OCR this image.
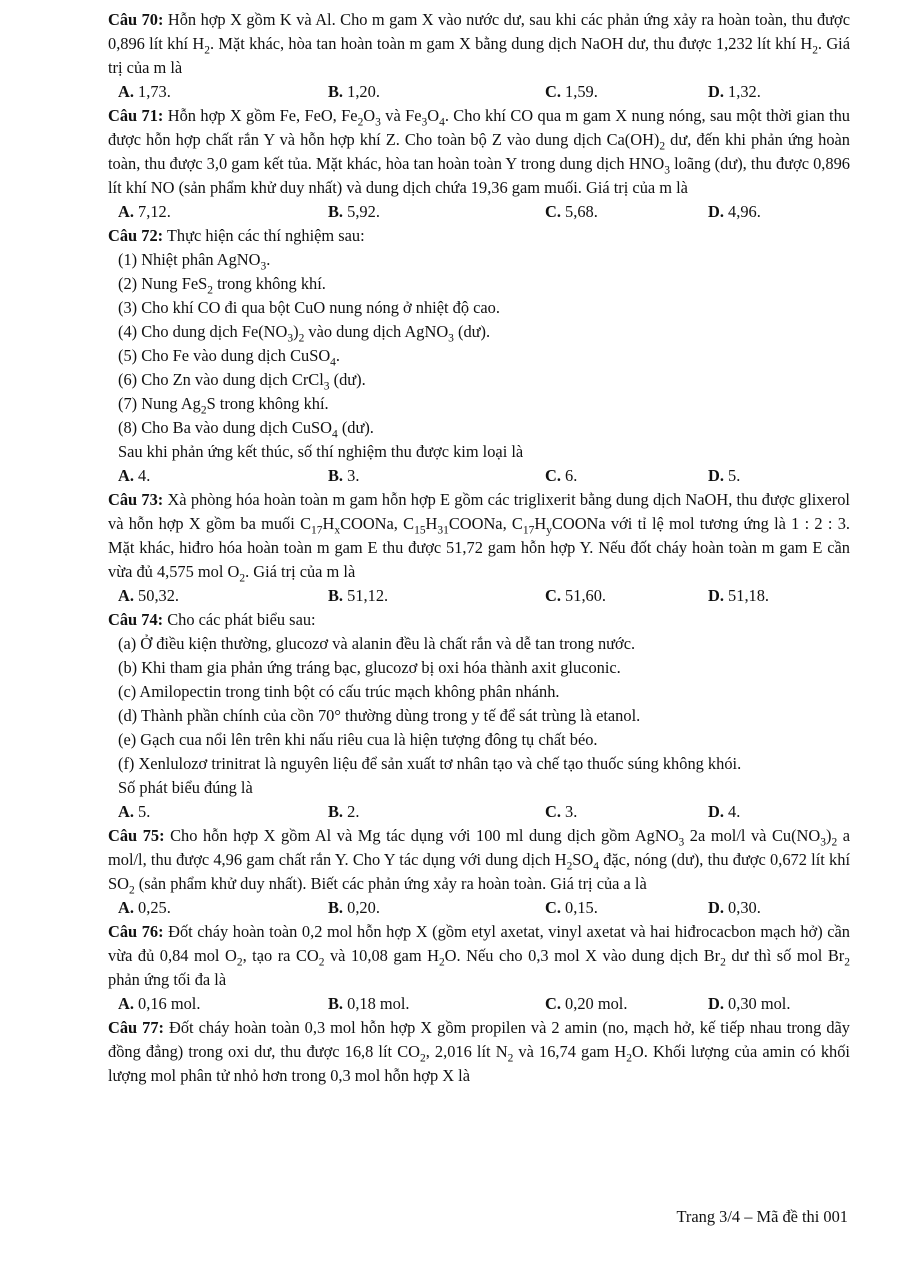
Câu 70: Hỗn hợp X gồm K và Al. Cho m gam X vào nước dư, sau khi các phản ứng xảy ra hoàn toàn, thu được 0,896 lít khí $H_2$. Mặt khác, hòa tan hoàn toàn m gam X bằng dung dịch NaOH dư, thu được 1,232 lít khí $H_2$. Giá trị của m là
A. 1,73.	B. 1,20.	C. 1,59.	D. 1,32.
Câu 71: Hỗn hợp X gồm Fe, FeO, $Fe_2O_3$ và $Fe_3O_4$. Cho khí CO qua m gam X nung nóng, sau một thời gian thu được hỗn hợp chất rắn Y và hỗn hợp khí Z. Cho toàn bộ Z vào dung dịch $Ca(OH)_2$ dư, đến khi phản ứng hoàn toàn, thu được 3,0 gam kết tủa. Mặt khác, hòa tan hoàn toàn Y trong dung dịch $HNO_3$ loãng (dư), thu được 0,896 lít khí NO (sản phẩm khử duy nhất) và dung dịch chứa 19,36 gam muối. Giá trị của m là
A. 7,12.	B. 5,92.	C. 5,68.	D. 4,96.
Câu 72: Thực hiện các thí nghiệm sau:
(1) Nhiệt phân AgNO$_3$.
(2) Nung FeS$_2$ trong không khí.
(3) Cho khí CO đi qua bột CuO nung nóng ở nhiệt độ cao.
(4) Cho dung dịch $Fe(NO_3)_2$ vào dung dịch AgNO$_3$ (dư).
(5) Cho Fe vào dung dịch CuSO$_4$.
(6) Cho Zn vào dung dịch CrCl$_3$ (dư).
(7) Nung $Ag_2S$ trong không khí.
(8) Cho Ba vào dung dịch CuSO$_4$ (dư).
Sau khi phản ứng kết thúc, số thí nghiệm thu được kim loại là
A. 4.	B. 3.	C. 6.	D. 5.
Câu 73: Xà phòng hóa hoàn toàn m gam hỗn hợp E gồm các triglixerit bằng dung dịch NaOH, thu được glixerol và hỗn hợp X gồm ba muối $C_{17}H_xCOONa$, $C_{15}H_{31}COONa$, $C_{17}H_yCOONa$ với tỉ lệ mol tương ứng là 1 : 2 : 3. Mặt khác, hiđro hóa hoàn toàn m gam E thu được 51,72 gam hỗn hợp Y. Nếu đốt cháy hoàn toàn m gam E cần vừa đủ 4,575 mol $O_2$. Giá trị của m là
A. 50,32.	B. 51,12.	C. 51,60.	D. 51,18.
Câu 74: Cho các phát biểu sau:
(a) Ở điều kiện thường, glucozơ và alanin đều là chất rắn và dễ tan trong nước.
(b) Khi tham gia phản ứng tráng bạc, glucozơ bị oxi hóa thành axit gluconic.
(c) Amilopectin trong tinh bột có cấu trúc mạch không phân nhánh.
(d) Thành phần chính của cồn 70° thường dùng trong y tế để sát trùng là etanol.
(e) Gạch cua nổi lên trên khi nấu riêu cua là hiện tượng đông tụ chất béo.
(f) Xenlulozơ trinitrat là nguyên liệu để sản xuất tơ nhân tạo và chế tạo thuốc súng không khói.
Số phát biểu đúng là
A. 5.	B. 2.	C. 3.	D. 4.
Câu 75: Cho hỗn hợp X gồm Al và Mg tác dụng với 100 ml dung dịch gồm AgNO$_3$ 2a mol/l và $Cu(NO_3)_2$ a mol/l, thu được 4,96 gam chất rắn Y. Cho Y tác dụng với dung dịch $H_2SO_4$ đặc, nóng (dư), thu được 0,672 lít khí $SO_2$ (sản phẩm khử duy nhất). Biết các phản ứng xảy ra hoàn toàn. Giá trị của a là
A. 0,25.	B. 0,20.	C. 0,15.	D. 0,30.
Câu 76: Đốt cháy hoàn toàn 0,2 mol hỗn hợp X (gồm etyl axetat, vinyl axetat và hai hiđrocacbon mạch hở) cần vừa đủ 0,84 mol $O_2$, tạo ra $CO_2$ và 10,08 gam $H_2O$. Nếu cho 0,3 mol X vào dung dịch $Br_2$ dư thì số mol $Br_2$ phản ứng tối đa là
A. 0,16 mol.	B. 0,18 mol.	C. 0,20 mol.	D. 0,30 mol.
Câu 77: Đốt cháy hoàn toàn 0,3 mol hỗn hợp X gồm propilen và 2 amin (no, mạch hở, kế tiếp nhau trong dãy đồng đẳng) trong oxi dư, thu được 16,8 lít $CO_2$, 2,016 lít $N_2$ và 16,74 gam $H_2O$. Khối lượng của amin có khối lượng mol phân tử nhỏ hơn trong 0,3 mol hỗn hợp X là
Trang 3/4 – Mã đề thi 001
